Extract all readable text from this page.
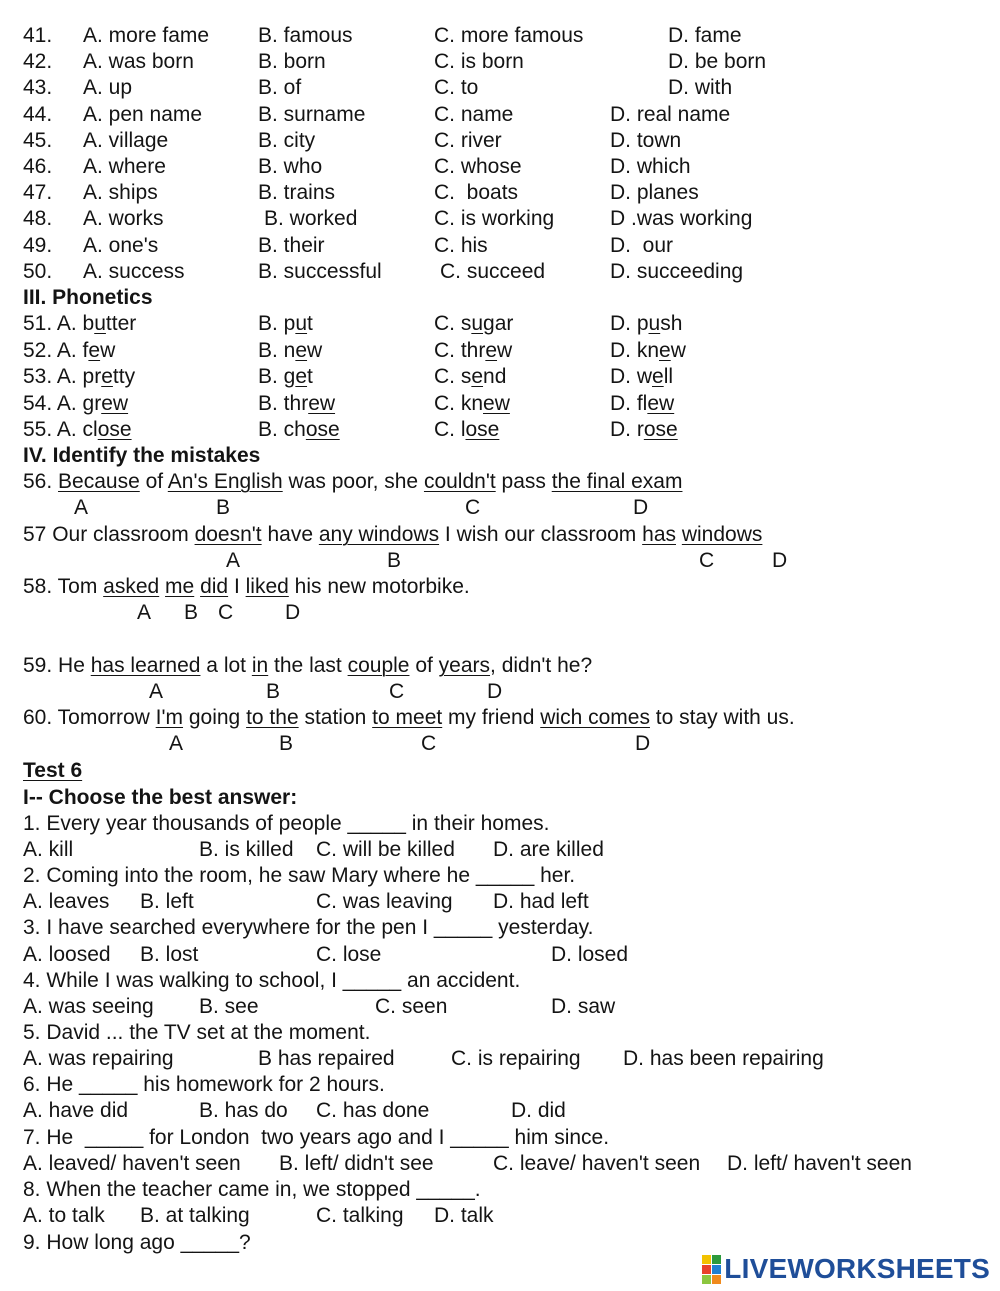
41. A. more fame B. famous	C. more famous	D. fame
42. A. was born	B. born	C. is born	D. be born
43. A. up	B. of	C. to	D. with
44. A. pen name	B. surname	C. name	D. real name
45. A. village	B. city	C. river	D. town
46. A. where	B. who	C. whose	D. which
47. A. ships	B. trains	C.  boats	D. planes
48. A. works	B. worked	C. is working	D .was working
49. A. one's	B. their	C. his	D.  our
50. A. success	B. successful	C. succeed	D. succeeding
III. Phonetics
51. A. butter	B. put	C. sugar	D. push
52. A. few	B. new	C. threw	D. knew
53. A. pretty	B. get	C. send	D. well
54. A. grew	B. threw	C. knew	D. flew
55. A. close	B. chose	C. lose	D. rose
IV. Identify the mistakes
56. Because of An's English was poor, she couldn't pass the final exam
A	B	C	D
57 Our classroom doesn't have any windows I wish our classroom has windows
A	B	C	D
58. Tom asked me did I liked his new motorbike.
A B C D
59. He has learned a lot in the last couple of years, didn't he?
A	B	C	D
60. Tomorrow I'm going to the station to meet my friend wich comes to stay with us.
A	B	C	D
Test 6
I-- Choose the best answer:
1. Every year thousands of people _____ in their homes.
A. kill	B. is killed C. will be killed D. are killed
2. Coming into the room, he saw Mary where he _____ her.
A. leaves B. left	C. was leaving D. had left
3. I have searched everywhere for the pen I _____ yesterday.
A. loosed B. lost	C. lose	D. losed
4. While I was walking to school, I _____ an accident.
A. was seeing B. see	C. seen	D. saw
5. David ... the TV set at the moment.
A. was repairing	B has repaired	C. is repairing D. has been repairing
6. He _____ his homework for 2 hours.
A. have did	B. has do C. has done	D. did
7. He  _____ for London  two years ago and I _____ him since.
A. leaved/ haven't seen B. left/ didn't see	C. leave/ haven't seen D. left/ haven't seen
8. When the teacher came in, we stopped _____.
A. to talk B. at talking	C. talking D. talk
9. How long ago _____?
LIVEWORKSHEETS
